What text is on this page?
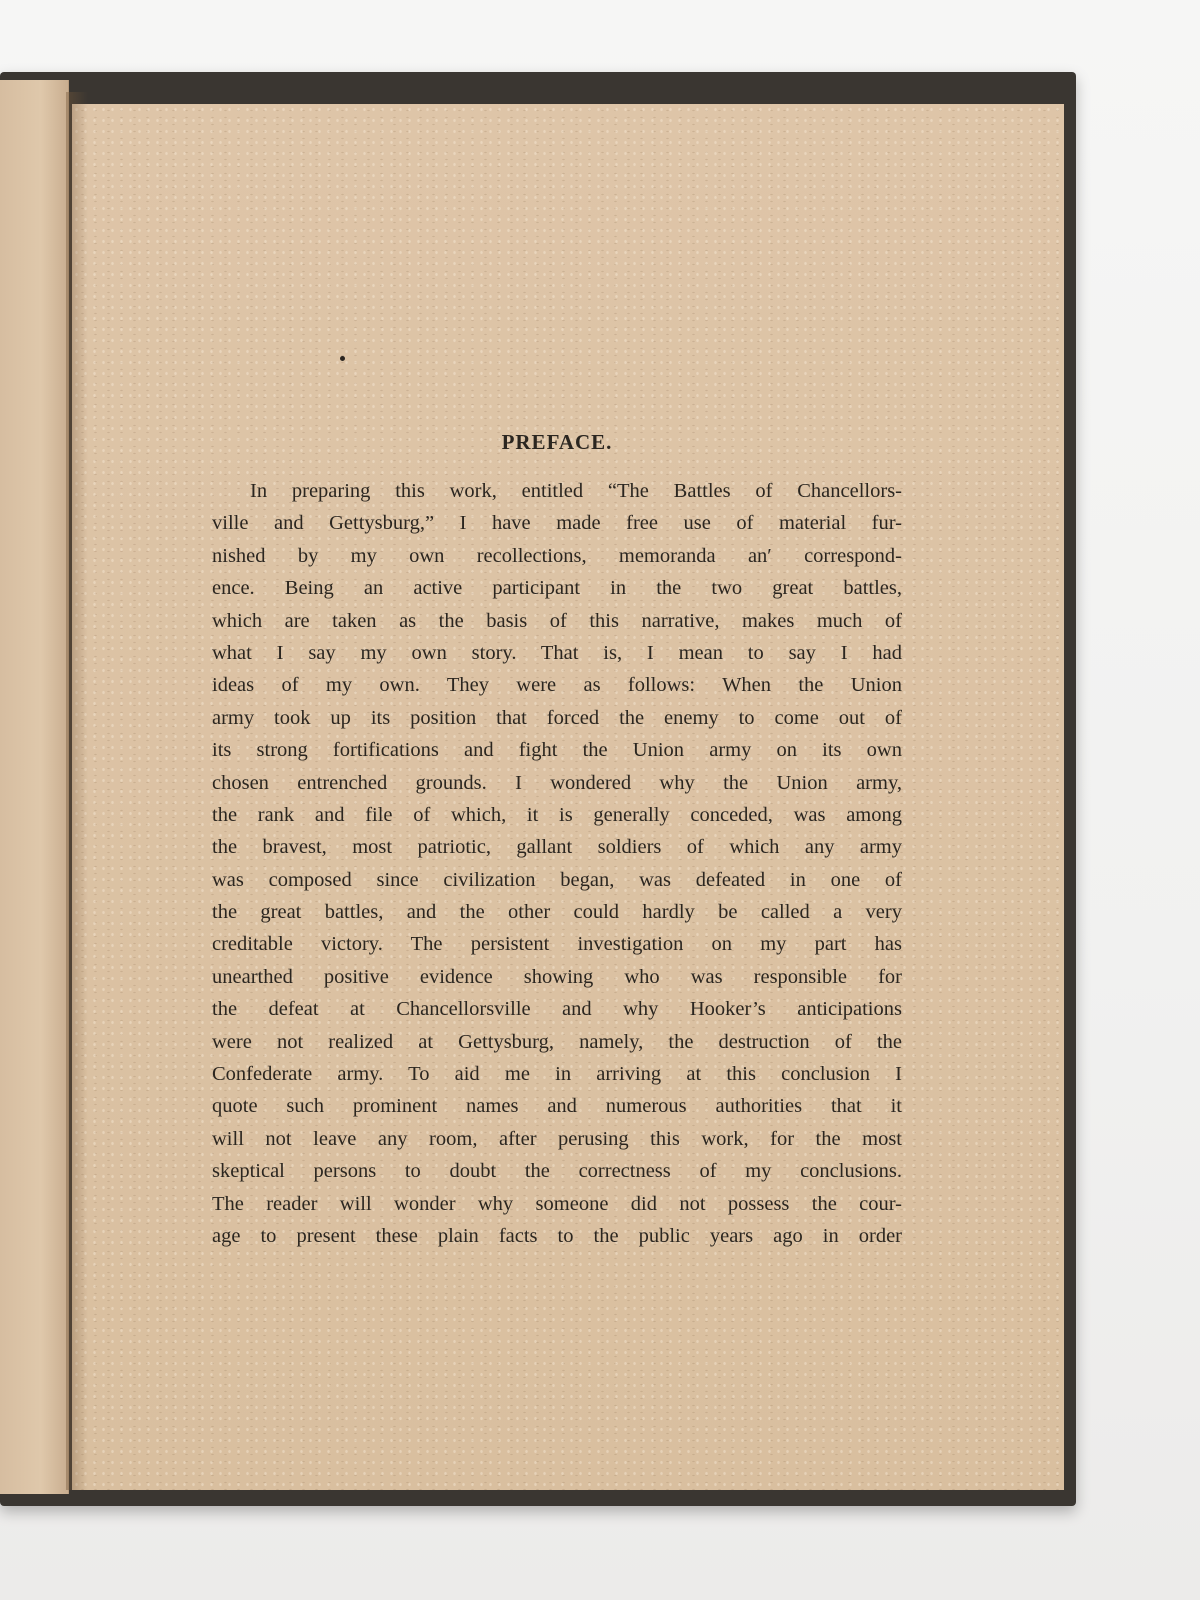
PREFACE.
In preparing this work, entitled “The Battles of Chancellors-
ville and Gettysburg,” I have made free use of material fur-
nished by my own recollections, memoranda an′ correspond-
ence. Being an active participant in the two great battles,
which are taken as the basis of this narrative, makes much of
what I say my own story. That is, I mean to say I had
ideas of my own. They were as follows: When the Union
army took up its position that forced the enemy to come out of
its strong fortifications and fight the Union army on its own
chosen entrenched grounds. I wondered why the Union army,
the rank and file of which, it is generally conceded, was among
the bravest, most patriotic, gallant soldiers of which any army
was composed since civilization began, was defeated in one of
the great battles, and the other could hardly be called a very
creditable victory. The persistent investigation on my part has
unearthed positive evidence showing who was responsible for
the defeat at Chancellorsville and why Hooker’s anticipations
were not realized at Gettysburg, namely, the destruction of the
Confederate army. To aid me in arriving at this conclusion I
quote such prominent names and numerous authorities that it
will not leave any room, after perusing this work, for the most
skeptical persons to doubt the correctness of my conclusions.
The reader will wonder why someone did not possess the cour-
age to present these plain facts to the public years ago in order
